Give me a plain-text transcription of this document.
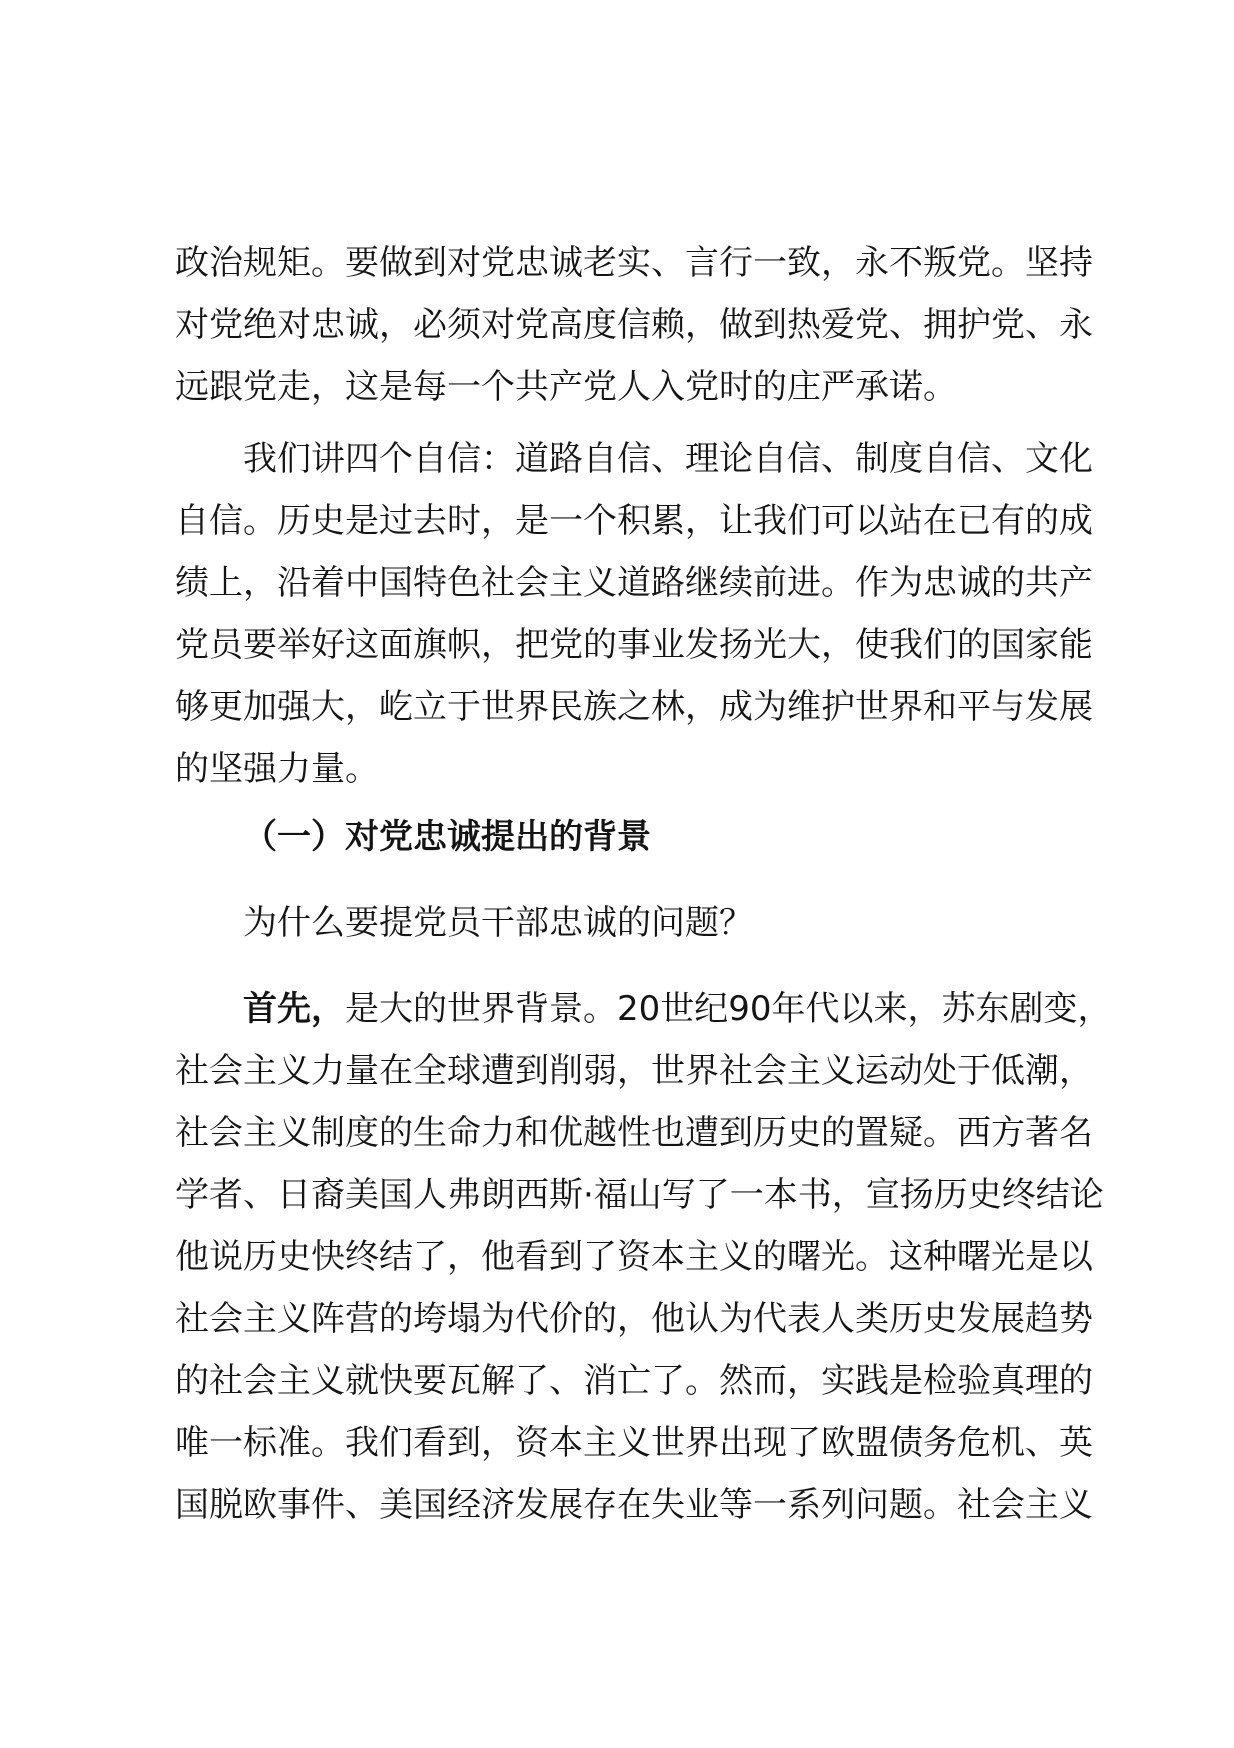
政治规矩。要做到对党忠诚老实、言行一致，永不叛党。坚持
对党绝对忠诚，必须对党高度信赖，做到热爱党、拥护党、永
远跟党走，这是每一个共产党人入党时的庄严承诺。
我们讲四个自信：道路自信、理论自信、制度自信、文化
自信。历史是过去时，是一个积累，让我们可以站在已有的成
绩上，沿着中国特色社会主义道路继续前进。作为忠诚的共产
党员要举好这面旗帜，把党的事业发扬光大，使我们的国家能
够更加强大，屹立于世界民族之林，成为维护世界和平与发展
的坚强力量。
（一）对党忠诚提出的背景
为什么要提党员干部忠诚的问题？
首先，是大的世界背景。20世纪90年代以来，苏东剧变，
社会主义力量在全球遭到削弱，世界社会主义运动处于低潮，
社会主义制度的生命力和优越性也遭到历史的置疑。西方著名
学者、日裔美国人弗朗西斯·福山写了一本书，宣扬历史终结论
他说历史快终结了，他看到了资本主义的曙光。这种曙光是以
社会主义阵营的垮塌为代价的，他认为代表人类历史发展趋势
的社会主义就快要瓦解了、消亡了。然而，实践是检验真理的
唯一标准。我们看到，资本主义世界出现了欧盟债务危机、英
国脱欧事件、美国经济发展存在失业等一系列问题。社会主义
